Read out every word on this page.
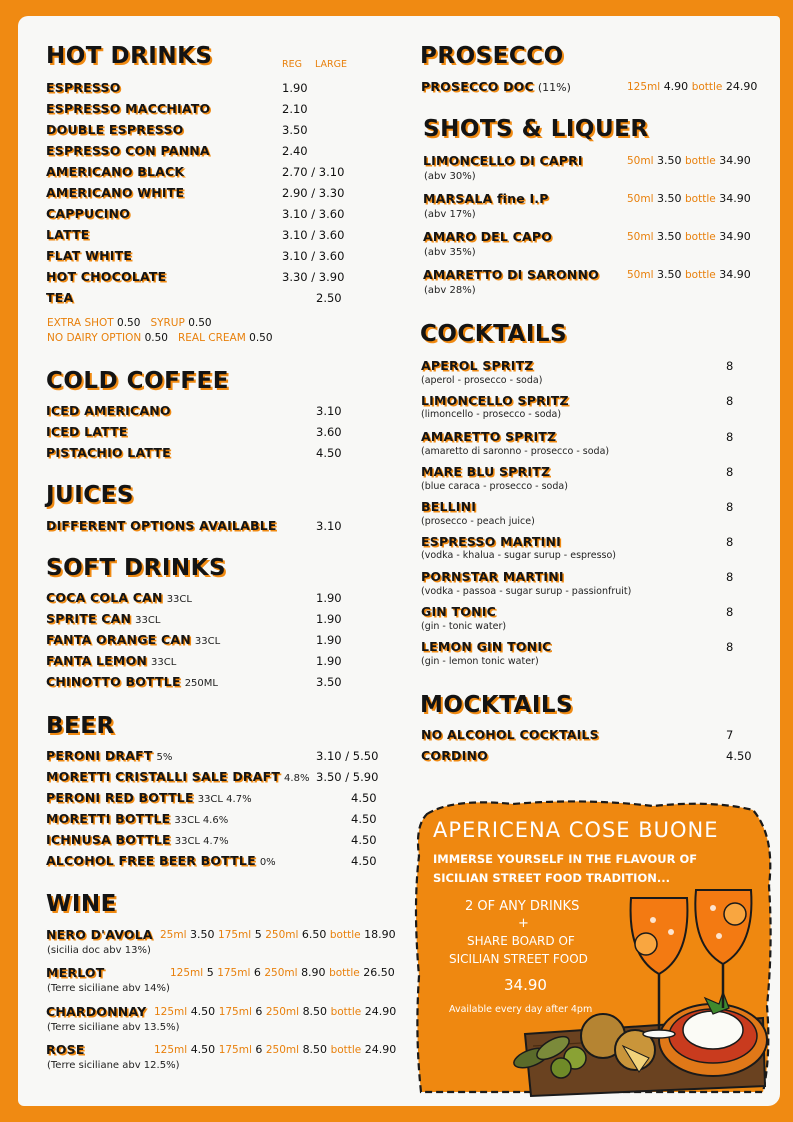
HOT DRINKS	REG LARGE
ESPRESSO	1.90
ESPRESSO MACCHIATO	2.10
DOUBLE ESPRESSO	3.50
ESPRESSO CON PANNA	2.40
AMERICANO BLACK	2.70 / 3.10
AMERICANO WHITE	2.90 / 3.30
CAPPUCINO	3.10 / 3.60
LATTE	3.10 / 3.60
FLAT WHITE	3.10 / 3.60
HOT CHOCOLATE	3.30 / 3.90
TEA	2.50
EXTRA SHOT 0.50 SYRUP 0.50
NO DAIRY OPTION 0.50 REAL CREAM 0.50
COLD COFFEE
ICED AMERICANO	3.10
ICED LATTE	3.60
PISTACHIO LATTE	4.50
JUICES
DIFFERENT OPTIONS AVAILABLE	3.10
SOFT DRINKS
COCA COLA CAN 33CL	1.90
SPRITE CAN 33CL	1.90
FANTA ORANGE CAN 33CL	1.90
FANTA LEMON 33CL	1.90
CHINOTTO BOTTLE 250ML	3.50
BEER
PERONI DRAFT 5%	3.10 / 5.50
MORETTI CRISTALLI SALE DRAFT 4.8% 3.50 / 5.90
PERONI RED BOTTLE 33CL 4.7%	4.50
MORETTI BOTTLE 33CL 4.6%	4.50
ICHNUSA BOTTLE 33CL 4.7%	4.50
ALCOHOL FREE BEER BOTTLE 0%	4.50
WINE
NERO D'AVOLA 25ml 3.50 175ml 5 250ml 6.50 bottle 18.90
(sicilia doc abv 13%)
MERLOT	125ml 5 175ml 6 250ml 8.90 bottle 26.50
(Terre siciliane abv 14%)
CHARDONNAY 125ml 4.50 175ml 6 250ml 8.50 bottle 24.90
(Terre siciliane abv 13.5%)
ROSE	125ml 4.50 175ml 6 250ml 8.50 bottle 24.90
(Terre siciliane abv 12.5%)
PROSECCO
PROSECCO DOC (11%)	125ml 4.90 bottle 24.90
SHOTS & LIQUER
LIMONCELLO DI CAPRI	50ml 3.50 bottle 34.90
(abv 30%)
MARSALA fine I.P	50ml 3.50 bottle 34.90
(abv 17%)
AMARO DEL CAPO	50ml 3.50 bottle 34.90
(abv 35%)
AMARETTO DI SARONNO	50ml 3.50 bottle 34.90
(abv 28%)
COCKTAILS
APEROL SPRITZ	8
(aperol - prosecco - soda)
LIMONCELLO SPRITZ	8
(limoncello - prosecco - soda)
AMARETTO SPRITZ	8
(amaretto di saronno - prosecco - soda)
MARE BLU SPRITZ	8
(blue caraca - prosecco - soda)
BELLINI	8
(prosecco - peach juice)
ESPRESSO MARTINI	8
(vodka - khalua - sugar surup - espresso)
PORNSTAR MARTINI	8
(vodka - passoa - sugar surup - passionfruit)
GIN TONIC	8
(gin - tonic water)
LEMON GIN TONIC	8
(gin - lemon tonic water)
MOCKTAILS
NO ALCOHOL COCKTAILS	7
CORDINO	4.50
APERICENA COSE BUONE
IMMERSE YOURSELF IN THE FLAVOUR OF
SICILIAN STREET FOOD TRADITION...
2 OF ANY DRINKS
+
SHARE BOARD OF
SICILIAN STREET FOOD
34.90
Available every day after 4pm
